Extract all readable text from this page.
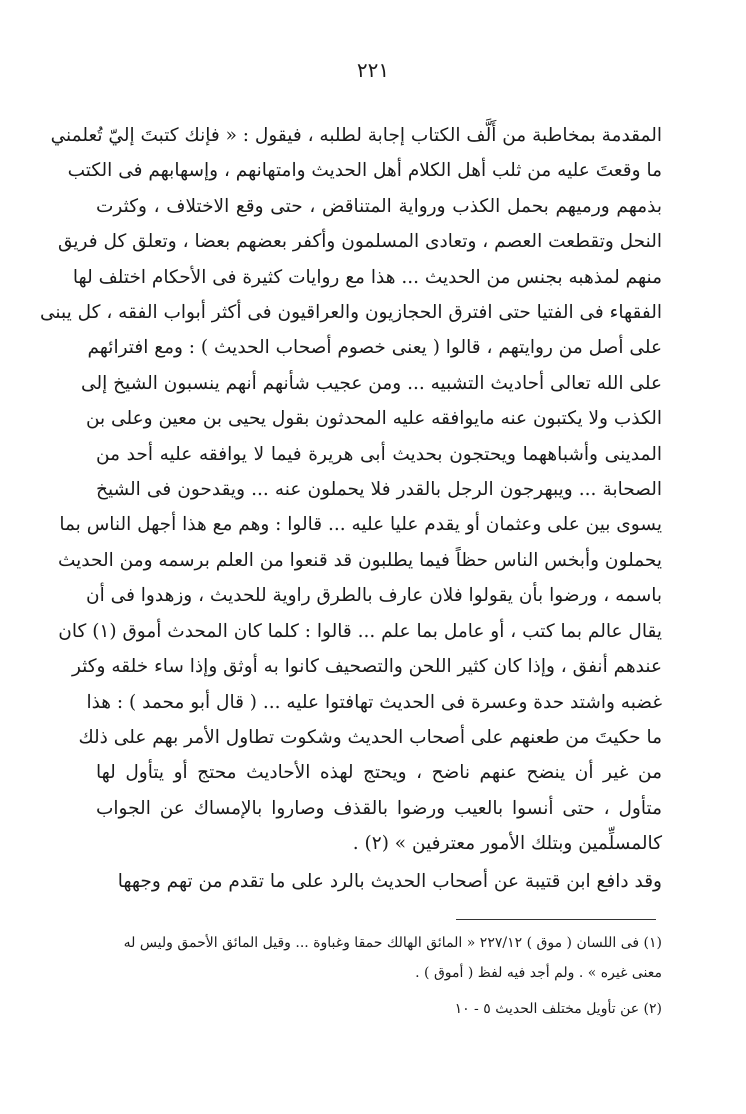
٢٢١
المقدمة بمخاطبة من أَلَّف الكتاب إجابة لطلبه ، فيقول : « فإنك كتبتَ إليّ تُعلمني
ما وقعتَ عليه من ثلب أهل الكلام أهل الحديث وامتهانهم ، وإسهابهم فى الكتب
بذمهم ورميهم بحمل الكذب ورواية المتناقض ، حتى وقع الاختلاف ، وكثرت
النحل وتقطعت العصم ، وتعادى المسلمون وأكفر بعضهم بعضا ، وتعلق كل فريق
منهم لمذهبه بجنس من الحديث ... هذا مع روايات كثيرة فى الأحكام اختلف لها
الفقهاء فى الفتيا حتى افترق الحجازيون والعراقيون فى أكثر أبواب الفقه ، كل يبنى
على أصل من روايتهم ، قالوا ( يعنى خصوم أصحاب الحديث ) : ومع افترائهم
على الله تعالى أحاديث التشبيه ... ومن عجيب شأنهم أنهم ينسبون الشيخ إلى
الكذب ولا يكتبون عنه مايوافقه عليه المحدثون بقول يحيى بن معين وعلى بن
المدينى وأشباههما ويحتجون بحديث أبى هريرة فيما لا يوافقه عليه أحد من
الصحابة ... ويبهرجون الرجل بالقدر فلا يحملون عنه ... ويقدحون فى الشيخ
يسوى بين على وعثمان أو يقدم عليا عليه ... قالوا : وهم مع هذا أجهل الناس بما
يحملون وأبخس الناس حظاً فيما يطلبون قد قنعوا من العلم برسمه ومن الحديث
باسمه ، ورضوا بأن يقولوا فلان عارف بالطرق راوية للحديث ، وزهدوا فى أن
يقال عالم بما كتب ، أو عامل بما علم ... قالوا : كلما كان المحدث أموق (١) كان
عندهم أنفق ، وإذا كان كثير اللحن والتصحيف كانوا به أوثق وإذا ساء خلقه وكثر
غضبه واشتد حدة وعسرة فى الحديث تهافتوا عليه ... ( قال أبو محمد ) : هذا
ما حكيتَ من طعنهم على أصحاب الحديث وشكوت تطاول الأمر بهم على ذلك
من غير أن ينضح عنهم ناضح ، ويحتج لهذه الأحاديث محتج أو يتأول لها
متأول ، حتى أنسوا بالعيب ورضوا بالقذف وصاروا بالإمساك عن الجواب
كالمسلِّمين وبتلك الأمور معترفين » (٢) .
وقد دافع ابن قتيبة عن أصحاب الحديث بالرد على ما تقدم من تهم وجهها
(١) فى اللسان ( موق ) ٢٢٧/١٢ « المائق الهالك حمقا وغباوة ... وقيل المائق الأحمق وليس له
معنى غيره » . ولم أجد فيه لفظ ( أموق ) .
(٢) عن تأويل مختلف الحديث ٥ - ١٠
